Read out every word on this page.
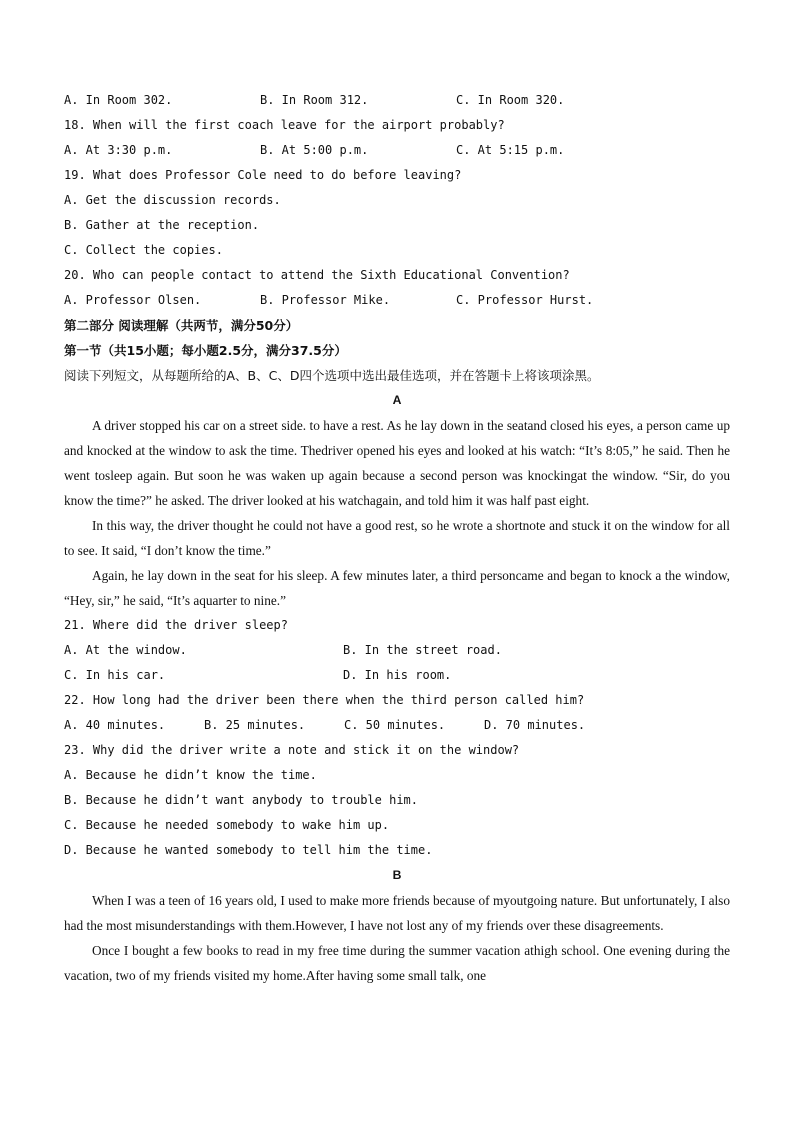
A. In Room 302.	B. In Room 312.	C. In Room 320.
18. When will the first coach leave for the airport probably?
A. At 3:30 p.m.	B. At 5:00 p.m.	C. At 5:15 p.m.
19. What does Professor Cole need to do before leaving?
A. Get the discussion records.
B. Gather at the reception.
C. Collect the copies.
20. Who can people contact to attend the Sixth Educational Convention?
A. Professor Olsen.	B. Professor Mike.	C. Professor Hurst.
第二部分 阅读理解（共两节，满分50分）
第一节（共15小题；每小题2.5分，满分37.5分）
阅读下列短文，从每题所给的A、B、C、D四个选项中选出最佳选项，并在答题卡上将该项涂黑。
A
A driver stopped his car on a street side. to have a rest. As he lay down in the seatand closed his eyes, a person came up and knocked at the window to ask the time. Thedriver opened his eyes and looked at his watch: “It’s 8:05,” he said. Then he went tosleep again. But soon he was waken up again because a second person was knockingat the window. “Sir, do you know the time?” he asked. The driver looked at his watchagain, and told him it was half past eight.
In this way, the driver thought he could not have a good rest, so he wrote a shortnote and stuck it on the window for all to see. It said, “I don’t know the time.”
Again, he lay down in the seat for his sleep. A few minutes later, a third personcame and began to knock a the window, “Hey, sir,” he said, “It’s aquarter to nine.”
21. Where did the driver sleep?
A. At the window.	B. In the street road.
C. In his car.	D. In his room.
22. How long had the driver been there when the third person called him?
A. 40 minutes.	B. 25 minutes.	C. 50 minutes.	D. 70 minutes.
23. Why did the driver write a note and stick it on the window?
A. Because he didn’t know the time.
B. Because he didn’t want anybody to trouble him.
C. Because he needed somebody to wake him up.
D. Because he wanted somebody to tell him the time.
B
When I was a teen of 16 years old, I used to make more friends because of myoutgoing nature. But unfortunately, I also had the most misunderstandings with them.However, I have not lost any of my friends over these disagreements.
Once I bought a few books to read in my free time during the summer vacation athigh school. One evening during the vacation, two of my friends visited my home.After having some small talk, one
